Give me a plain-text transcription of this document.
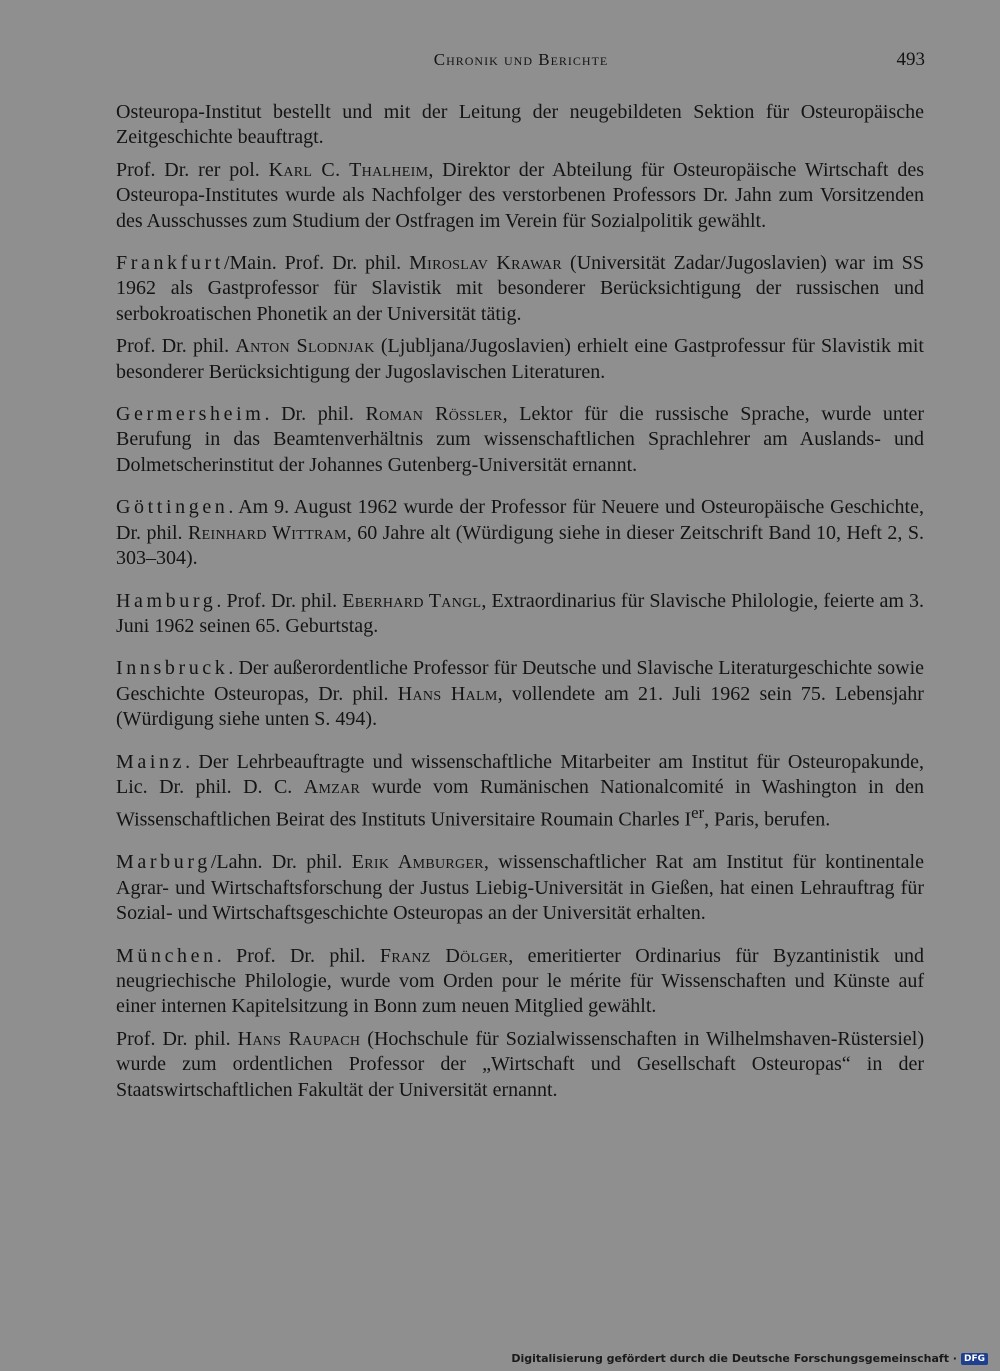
Chronik und Berichte	493

Osteuropa-Institut bestellt und mit der Leitung der neugebildeten Sektion für Osteuropäische Zeitgeschichte beauftragt.

Prof. Dr. rer pol. Karl C. Thalheim, Direktor der Abteilung für Osteuropäische Wirtschaft des Osteuropa-Institutes wurde als Nachfolger des verstorbenen Professors Dr. Jahn zum Vorsitzenden des Ausschusses zum Studium der Ostfragen im Verein für Sozialpolitik gewählt.

Frankfurt/Main. Prof. Dr. phil. Miroslav Krawar (Universität Zadar/Jugoslavien) war im SS 1962 als Gastprofessor für Slavistik mit besonderer Berücksichtigung der russischen und serbokroatischen Phonetik an der Universität tätig.

Prof. Dr. phil. Anton Slodnjak (Ljubljana/Jugoslavien) erhielt eine Gastprofessur für Slavistik mit besonderer Berücksichtigung der Jugoslavischen Literaturen.

Germersheim. Dr. phil. Roman Rössler, Lektor für die russische Sprache, wurde unter Berufung in das Beamtenverhältnis zum wissenschaftlichen Sprachlehrer am Auslands- und Dolmetscherinstitut der Johannes Gutenberg-Universität ernannt.

Göttingen. Am 9. August 1962 wurde der Professor für Neuere und Osteuropäische Geschichte, Dr. phil. Reinhard Wittram, 60 Jahre alt (Würdigung siehe in dieser Zeitschrift Band 10, Heft 2, S. 303–304).

Hamburg. Prof. Dr. phil. Eberhard Tangl, Extraordinarius für Slavische Philologie, feierte am 3. Juni 1962 seinen 65. Geburtstag.

Innsbruck. Der außerordentliche Professor für Deutsche und Slavische Literaturgeschichte sowie Geschichte Osteuropas, Dr. phil. Hans Halm, vollendete am 21. Juli 1962 sein 75. Lebensjahr (Würdigung siehe unten S. 494).

Mainz. Der Lehrbeauftragte und wissenschaftliche Mitarbeiter am Institut für Osteuropakunde, Lic. Dr. phil. D. C. Amzar wurde vom Rumänischen Nationalcomité in Washington in den Wissenschaftlichen Beirat des Instituts Universitaire Roumain Charles Ier, Paris, berufen.

Marburg/Lahn. Dr. phil. Erik Amburger, wissenschaftlicher Rat am Institut für kontinentale Agrar- und Wirtschaftsforschung der Justus Liebig-Universität in Gießen, hat einen Lehrauftrag für Sozial- und Wirtschaftsgeschichte Osteuropas an der Universität erhalten.

München. Prof. Dr. phil. Franz Dölger, emeritierter Ordinarius für Byzantinistik und neugriechische Philologie, wurde vom Orden pour le mérite für Wissenschaften und Künste auf einer internen Kapitelsitzung in Bonn zum neuen Mitglied gewählt.

Prof. Dr. phil. Hans Raupach (Hochschule für Sozialwissenschaften in Wilhelmshaven-Rüstersiel) wurde zum ordentlichen Professor der „Wirtschaft und Gesellschaft Osteuropas“ in der Staatswirtschaftlichen Fakultät der Universität ernannt.

Digitalisierung gefördert durch die Deutsche Forschungsgemeinschaft · DFG
